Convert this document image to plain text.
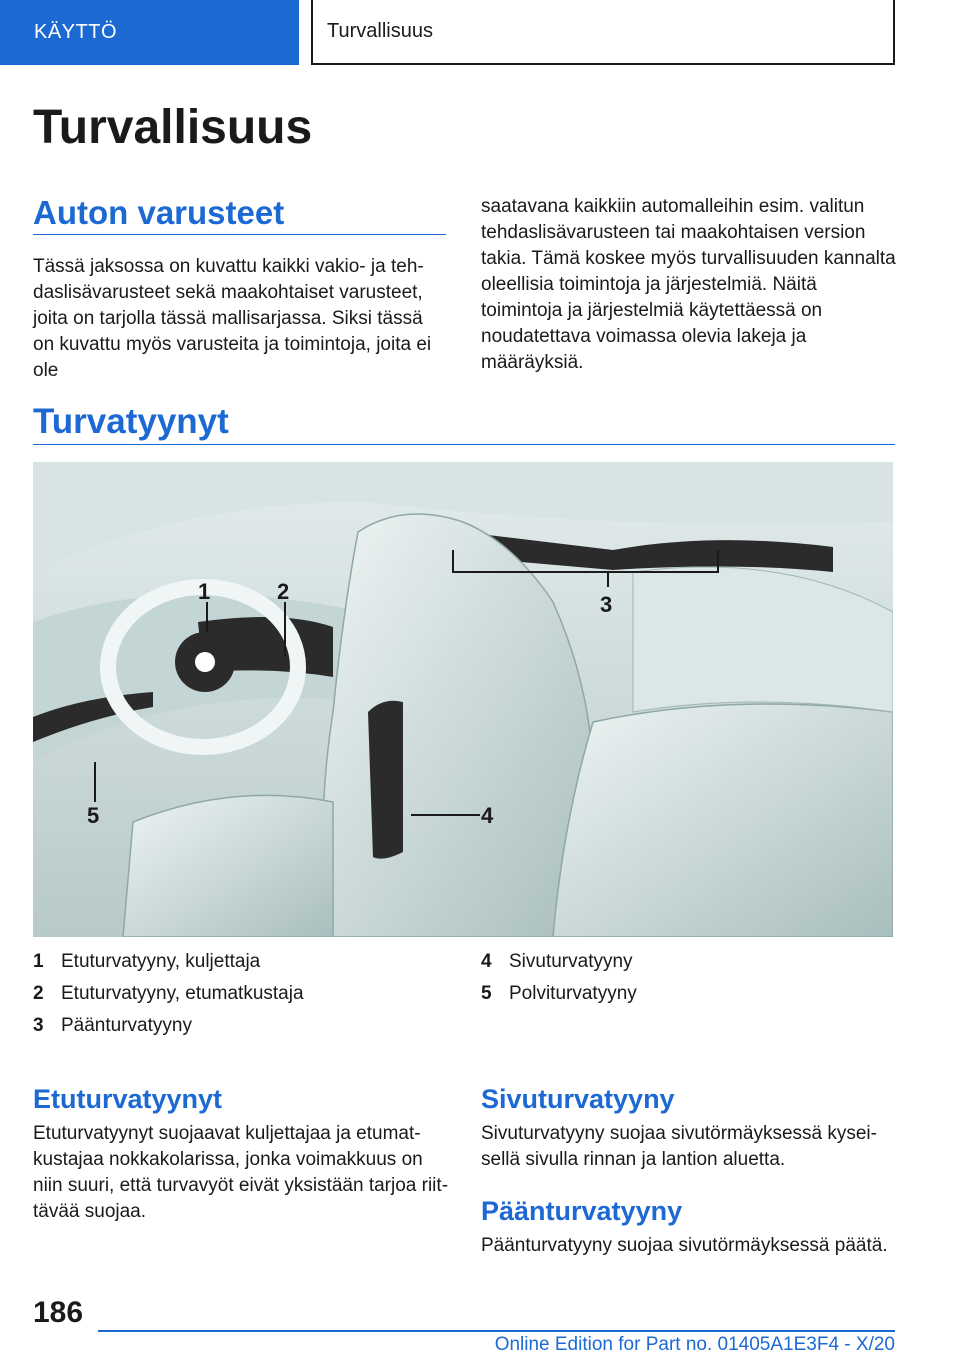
KÄYTTÖ	Turvallisuus
Turvallisuus
Auton varusteet

Tässä jaksossa on kuvattu kaikki vakio- ja tehdaslisävarusteet sekä maakohtaiset varusteet, joita on tarjolla tässä mallisarjassa. Siksi tässä on kuvattu myös varusteita ja toimintoja, joita ei ole

saatavana kaikkiin automalleihin esim. valitun tehdaslisävarusteen tai maakohtaisen version takia. Tämä koskee myös turvallisuuden kannalta oleellisia toimintoja ja järjestelmiä. Näitä toimintoja ja järjestelmiä käytettäessä on noudatettava voimassa olevia lakeja ja määräyksiä.

Turvatyynyt
1	2
3
4
5
1 Etuturvatyyny, kuljettaja
2 Etuturvatyyny, etumatkustaja
3 Päänturvatyyny
4 Sivuturvatyyny
5 Polviturvatyyny
Etuturvatyynyt

Etuturvatyynyt suojaavat kuljettajaa ja etumatkustajaa nokkakolarissa, jonka voimakkuus on niin suuri, että turvavyöt eivät yksistään tarjoa riittävää suojaa.

Sivuturvatyyny

Sivuturvatyyny suojaa sivutörmäyksessä kyseisellä sivulla rinnan ja lantion aluetta.

Päänturvatyyny

Päänturvatyyny suojaa sivutörmäyksessä päätä.

186

Online Edition for Part no. 01405A1E3F4 - X/20
